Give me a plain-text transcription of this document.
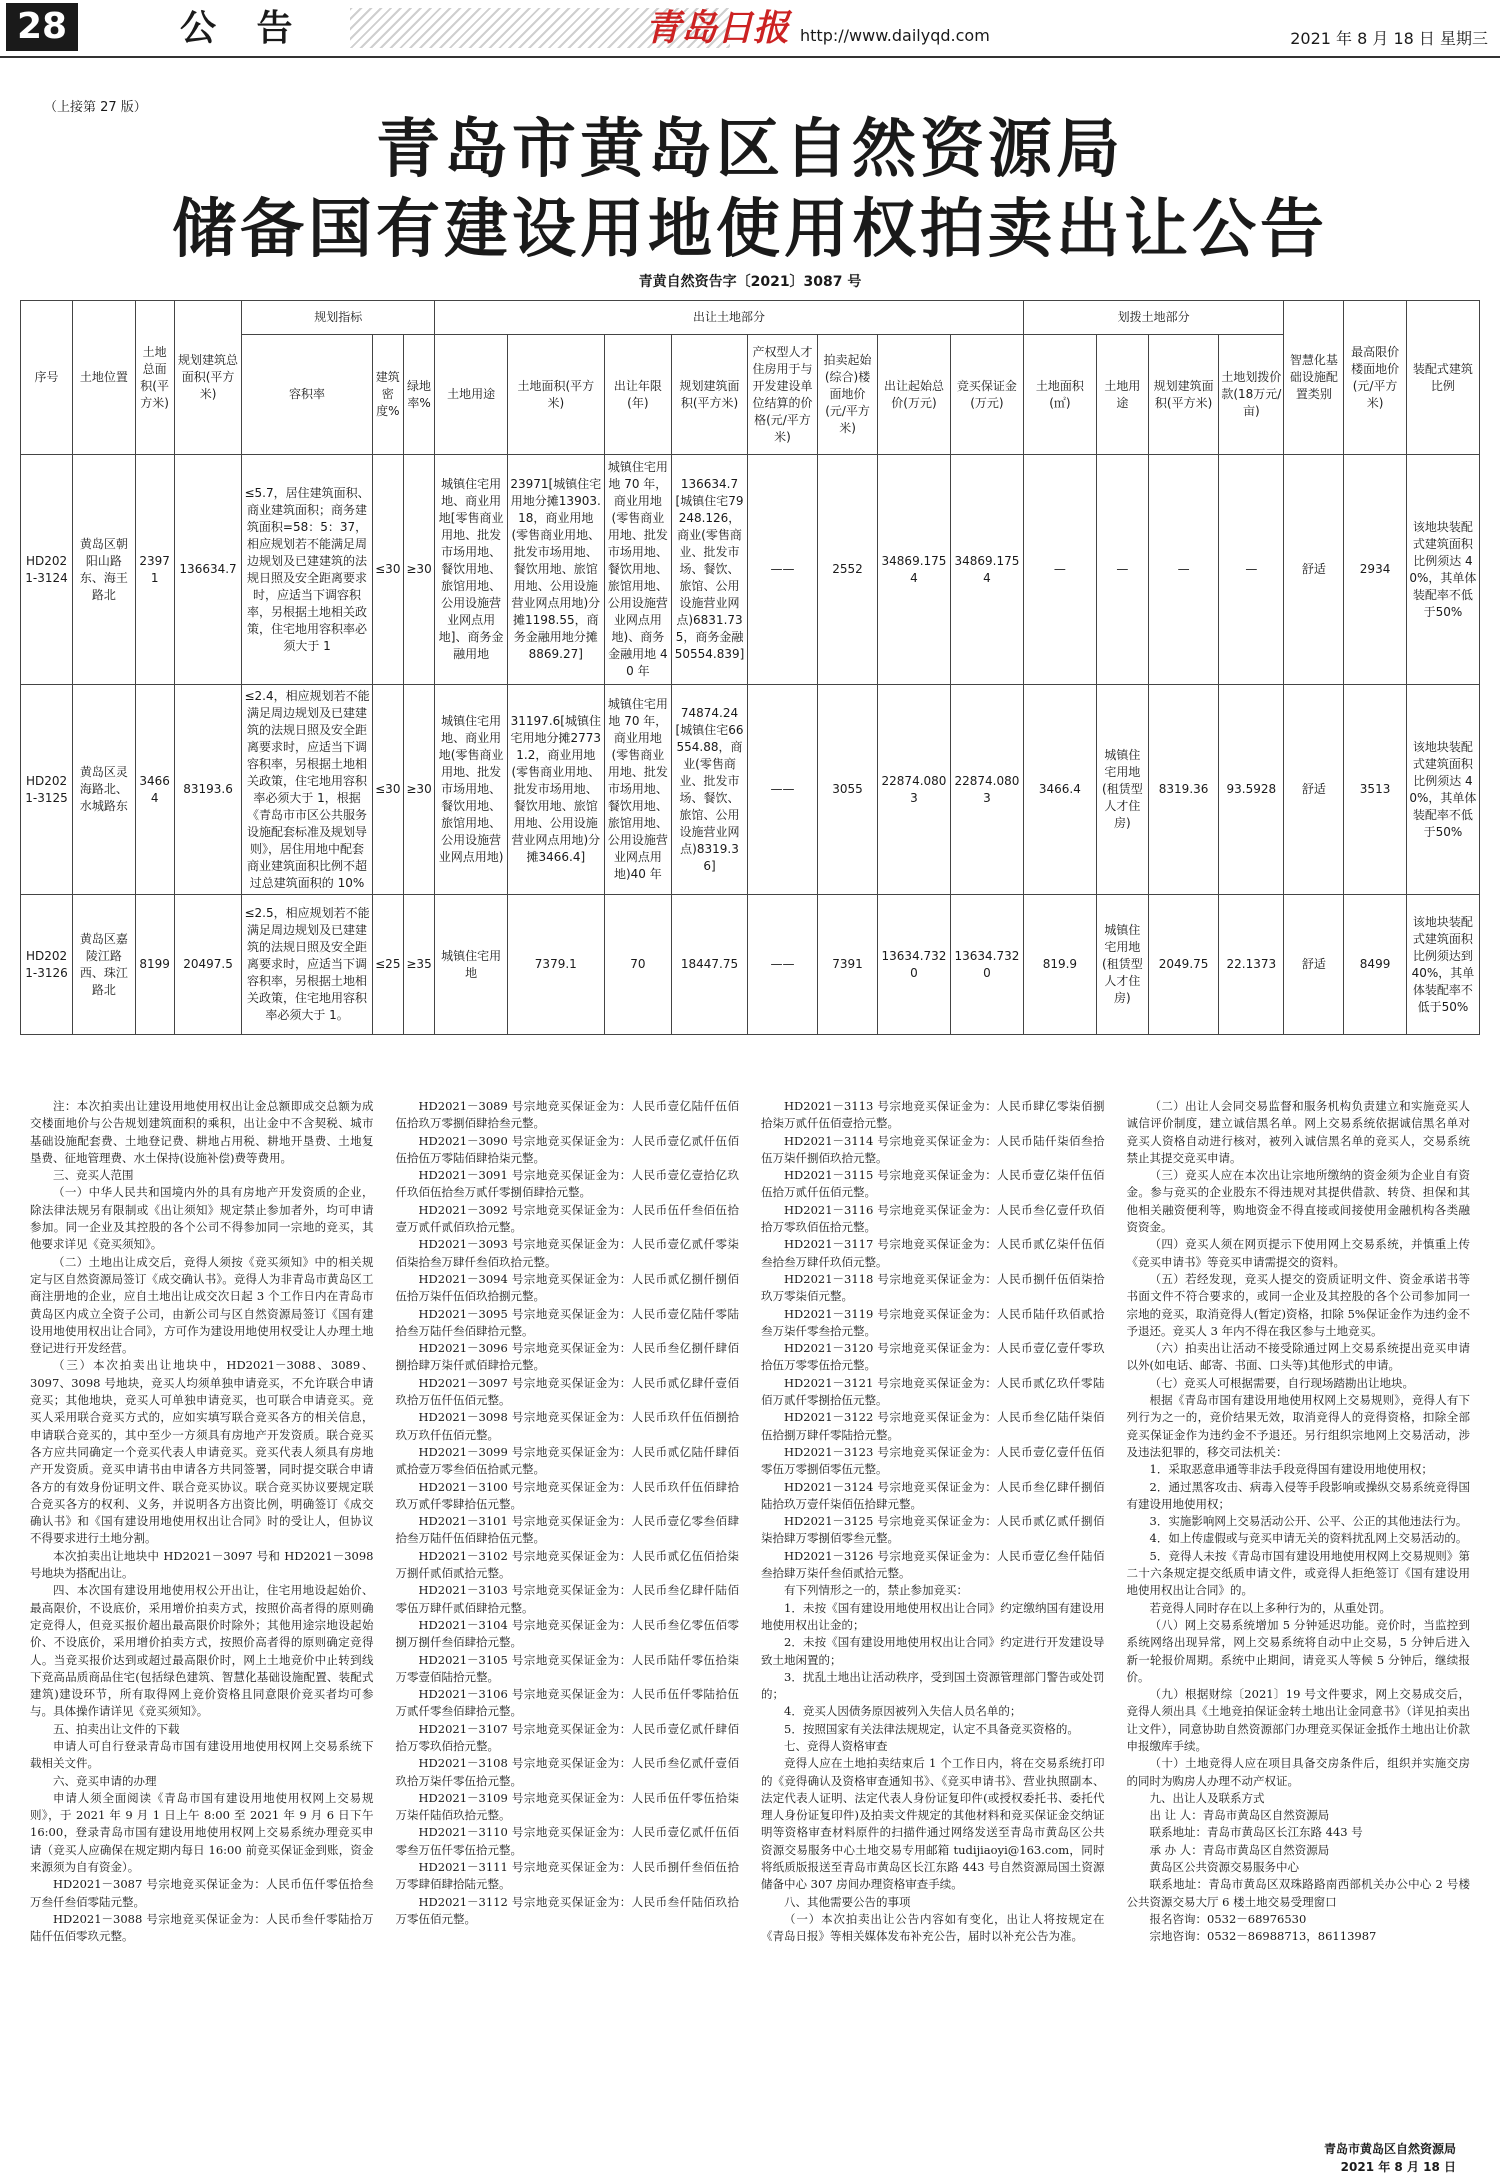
28	公 告	青岛日报 http://www.dailyqd.com	2021 年 8 月 18 日 星期三
（上接第 27 版）
青岛市黄岛区自然资源局
储备国有建设用地使用权拍卖出让公告
青黄自然资告字〔2021〕3087 号
序号	土地位置	土地总面积(平方米)	规划建筑总面积(平方米)	规划指标			出让土地部分								划拨土地部分				智慧化基础设施配置类别	最高限价楼面地价(元/平方米)	装配式建筑比例
				容积率	建筑密度%	绿地率%	土地用途	土地面积(平方米)	出让年限(年)	规划建筑面积(平方米)	产权型人才住房用于与开发建设单位结算的价格(元/平方米)	拍卖起始(综合)楼面地价(元/平方米)	出让起始总价(万元)	竞买保证金(万元)	土地面积(㎡)	土地用途	规划建筑面积(平方米)	土地划拨价款(18万元/亩)			
HD2021-3124	黄岛区朝阳山路东、海王路北	23971	136634.7	≤5.7，居住建筑面积、商业建筑面积；商务建筑面积=58：5：37，相应规划若不能满足周边规划及已建建筑的法规日照及安全距离要求时，应适当下调容积率，另根据土地相关政策，住宅地用容积率必须大于 1	≤30	≥30	城镇住宅用地、商业用地[零售商业用地、批发市场用地、餐饮用地、旅馆用地、公用设施营业网点用地]、商务金融用地	23971[城镇住宅用地分摊13903.18，商业用地(零售商业用地、批发市场用地、餐饮用地、旅馆用地、公用设施营业网点用地)分摊1198.55，商务金融用地分摊8869.27]	城镇住宅用地 70 年，商业用地(零售商业用地、批发市场用地、餐饮用地、旅馆用地、公用设施营业网点用地)、商务金融用地 40 年	136634.7[城镇住宅79248.126，商业(零售商业、批发市场、餐饮、旅馆、公用设施营业网点)6831.735，商务金融50554.839]	——	2552	34869.1754	34869.1754	—	—	—	—	舒适	2934	该地块装配式建筑面积比例须达 40%，其单体装配率不低于50%
HD2021-3125	黄岛区灵海路北、水城路东	34664	83193.6	≤2.4，相应规划若不能满足周边规划及已建建筑的法规日照及安全距离要求时，应适当下调容积率，另根据土地相关政策，住宅地用容积率必须大于 1，根据《青岛市市区公共服务设施配套标准及规划导则》，居住用地中配套商业建筑面积比例不超过总建筑面积的 10%	≤30	≥30	城镇住宅用地、商业用地(零售商业用地、批发市场用地、餐饮用地、旅馆用地、公用设施营业网点用地)	31197.6[城镇住宅用地分摊27731.2，商业用地(零售商业用地、批发市场用地、餐饮用地、旅馆用地、公用设施营业网点用地)分摊3466.4]	城镇住宅用地 70 年，商业用地(零售商业用地、批发市场用地、餐饮用地、旅馆用地、公用设施营业网点用地)40 年	74874.24[城镇住宅66554.88，商业(零售商业、批发市场、餐饮、旅馆、公用设施营业网点)8319.36]	——	3055	22874.0803	22874.0803	3466.4	城镇住宅用地(租赁型人才住房)	8319.36	93.5928	舒适	3513	该地块装配式建筑面积比例须达 40%，其单体装配率不低于50%
HD2021-3126	黄岛区嘉陵江路西、珠江路北	8199	20497.5	≤2.5，相应规划若不能满足周边规划及已建建筑的法规日照及安全距离要求时，应适当下调容积率，另根据土地相关政策，住宅地用容积率必须大于 1。	≤25	≥35	城镇住宅用地	7379.1	70	18447.75	——	7391	13634.7320	13634.7320	819.9	城镇住宅用地(租赁型人才住房)	2049.75	22.1373	舒适	8499	该地块装配式建筑面积比例须达到 40%，其单体装配率不低于50%

注：本次拍卖出让建设用地使用权出让金总额即成交总额为成交楼面地价与公告规划建筑面积的乘积，出让金中不含契税、城市基础设施配套费、土地登记费、耕地占用税、耕地开垦费、土地复垦费、征地管理费、水土保持(设施补偿)费等费用。

三、竞买人范围

（一）中华人民共和国境内外的具有房地产开发资质的企业，除法律法规另有限制或《出让须知》规定禁止参加者外，均可申请参加。同一企业及其控股的各个公司不得参加同一宗地的竞买，其他要求详见《竞买须知》。

（二）土地出让成交后，竞得人须按《竞买须知》中的相关规定与区自然资源局签订《成交确认书》。竞得人为非青岛市黄岛区工商注册地的企业，应自土地出让成交次日起 3 个工作日内在青岛市黄岛区内成立全资子公司，由新公司与区自然资源局签订《国有建设用地使用权出让合同》，方可作为建设用地使用权受让人办理土地登记进行开发经营。

（三）本次拍卖出让地块中，HD2021－3088、3089、3097、3098 号地块，竞买人均须单独申请竞买，不允许联合申请竞买；其他地块，竞买人可单独申请竞买，也可联合申请竞买。竞买人采用联合竞买方式的，应如实填写联合竞买各方的相关信息，申请联合竞买的，其中至少一方须具有房地产开发资质。联合竞买各方应共同确定一个竞买代表人申请竞买。竞买代表人须具有房地产开发资质。竞买申请书由申请各方共同签署，同时提交联合申请各方的有效身份证明文件、联合竞买协议。联合竞买协议要规定联合竞买各方的权利、义务，并说明各方出资比例，明确签订《成交确认书》和《国有建设用地使用权出让合同》时的受让人，但协议不得要求进行土地分割。

本次拍卖出让地块中 HD2021－3097 号和 HD2021－3098 号地块为搭配出让。

四、本次国有建设用地使用权公开出让，住宅用地设起始价、最高限价，不设底价，采用增价拍卖方式，按照价高者得的原则确定竞得人，但竞买报价超出最高限价时除外；其他用途宗地设起始价、不设底价，采用增价拍卖方式，按照价高者得的原则确定竞得人。当竞买报价达到或超过最高限价时，网上土地竞价中止转到线下竞高品质商品住宅(包括绿色建筑、智慧化基础设施配置、装配式建筑)建设环节，所有取得网上竞价资格且同意限价竞买者均可参与。具体操作请详见《竞买须知》。

五、拍卖出让文件的下载

申请人可自行登录青岛市国有建设用地使用权网上交易系统下载相关文件。

六、竞买申请的办理

申请人须全面阅读《青岛市国有建设用地使用权网上交易规则》，于 2021 年 9 月 1 日上午 8:00 至 2021 年 9 月 6 日下午 16:00，登录青岛市国有建设用地使用权网上交易系统办理竞买申请（竞买人应确保在规定期内每日 16:00 前竞买保证金到账，资金来源须为自有资金）。

HD2021－3087 号宗地竞买保证金为：人民币伍仟零伍拾叁万叁仟叁佰零陆元整。

HD2021－3088 号宗地竞买保证金为：人民币叁仟零陆拾万陆仟伍佰零玖元整。

HD2021－3089 号宗地竞买保证金为：人民币壹亿陆仟伍佰伍拾玖万零捌佰肆拾叁元整。

HD2021－3090 号宗地竞买保证金为：人民币壹亿贰仟伍佰伍拾伍万零陆佰肆拾柒元整。

HD2021－3091 号宗地竞买保证金为：人民币壹亿壹拾亿玖仟玖佰伍拾叁万贰仟零捌佰肆拾元整。

HD2021－3092 号宗地竞买保证金为：人民币伍仟叁佰伍拾壹万贰仟贰佰玖拾元整。

HD2021－3093 号宗地竞买保证金为：人民币壹亿贰仟零柒佰柒拾叁万肆仟叁佰玖拾元整。

HD2021－3094 号宗地竞买保证金为：人民币贰亿捌仟捌佰伍拾万柒仟伍佰玖拾捌元整。

HD2021－3095 号宗地竞买保证金为：人民币壹亿陆仟零陆拾叁万陆仟叁佰肆拾元整。

HD2021－3096 号宗地竞买保证金为：人民币叁亿捌仟肆佰捌拾肆万柒仟贰佰肆拾元整。

HD2021－3097 号宗地竞买保证金为：人民币贰亿肆仟壹佰玖拾万伍仟伍佰元整。

HD2021－3098 号宗地竞买保证金为：人民币玖仟伍佰捌拾玖万玖仟伍佰元整。

HD2021－3099 号宗地竞买保证金为：人民币贰亿陆仟肆佰贰拾壹万零叁佰伍拾贰元整。

HD2021－3100 号宗地竞买保证金为：人民币玖仟伍佰肆拾玖万贰仟零肆拾伍元整。

HD2021－3101 号宗地竞买保证金为：人民币壹亿零叁佰肆拾叁万陆仟伍佰肆拾伍元整。

HD2021－3102 号宗地竞买保证金为：人民币贰亿伍佰拾柒万捌仟贰佰贰拾元整。

HD2021－3103 号宗地竞买保证金为：人民币叁亿肆仟陆佰零伍万肆仟贰佰肆拾元整。

HD2021－3104 号宗地竞买保证金为：人民币叁亿零伍佰零捌万捌仟叁佰肆拾元整。

HD2021－3105 号宗地竞买保证金为：人民币陆仟零伍拾柒万零壹佰陆拾元整。

HD2021－3106 号宗地竞买保证金为：人民币伍仟零陆拾伍万贰仟零叁佰肆拾元整。

HD2021－3107 号宗地竞买保证金为：人民币壹亿贰仟肆佰拾万零玖佰拾元整。

HD2021－3108 号宗地竞买保证金为：人民币叁亿贰仟壹佰玖拾万柒仟零伍拾元整。

HD2021－3109 号宗地竞买保证金为：人民币伍仟零伍拾柒万柒仟陆佰玖拾元整。

HD2021－3110 号宗地竞买保证金为：人民币壹亿贰仟伍佰零叁万伍仟零伍拾元整。

HD2021－3111 号宗地竞买保证金为：人民币捌仟叁佰伍拾万零肆佰肆拾陆元整。

HD2021－3112 号宗地竞买保证金为：人民币叁仟陆佰玖拾万零伍佰元整。

HD2021－3113 号宗地竞买保证金为：人民币肆亿零柒佰捌拾柒万贰仟伍佰壹拾元整。

HD2021－3114 号宗地竞买保证金为：人民币陆仟柒佰叁拾伍万柒仟捌佰玖拾元整。

HD2021－3115 号宗地竞买保证金为：人民币壹亿柒仟伍佰伍拾万贰仟伍佰元整。

HD2021－3116 号宗地竞买保证金为：人民币叁亿壹仟玖佰拾万零玖佰伍拾元整。

HD2021－3117 号宗地竞买保证金为：人民币贰亿柒仟伍佰叁拾叁万肆仟玖佰元整。

HD2021－3118 号宗地竞买保证金为：人民币捌仟伍佰柒拾玖万零柒佰元整。

HD2021－3119 号宗地竞买保证金为：人民币陆仟玖佰贰拾叁万柒仟零叁拾元整。

HD2021－3120 号宗地竞买保证金为：人民币壹亿壹仟零玖拾伍万零零伍拾元整。

HD2021－3121 号宗地竞买保证金为：人民币贰亿玖仟零陆佰万贰仟零捌拾伍元整。

HD2021－3122 号宗地竞买保证金为：人民币叁亿陆仟柒佰伍拾捌万肆仟零陆拾元整。

HD2021－3123 号宗地竞买保证金为：人民币壹亿壹仟伍佰零伍万零捌佰零伍元整。

HD2021－3124 号宗地竞买保证金为：人民币叁亿肆仟捌佰陆拾玖万壹仟柒佰伍拾肆元整。

HD2021－3125 号宗地竞买保证金为：人民币贰亿贰仟捌佰柒拾肆万零捌佰零叁元整。

HD2021－3126 号宗地竞买保证金为：人民币壹亿叁仟陆佰叁拾肆万柒仟叁佰贰拾元整。

有下列情形之一的，禁止参加竞买：

1．未按《国有建设用地使用权出让合同》约定缴纳国有建设用地使用权出让金的；

2．未按《国有建设用地使用权出让合同》约定进行开发建设导致土地闲置的；

3．扰乱土地出让活动秩序，受到国土资源管理部门警告或处罚的；

4．竞买人因债务原因被列入失信人员名单的；

5．按照国家有关法律法规规定，认定不具备竞买资格的。

七、竞得人资格审查

竞得人应在土地拍卖结束后 1 个工作日内，将在交易系统打印的《竞得确认及资格审查通知书》、《竞买申请书》、营业执照副本、法定代表人证明、法定代表人身份证复印件(或授权委托书、委托代理人身份证复印件)及拍卖文件规定的其他材料和竞买保证金交纳证明等资格审查材料原件的扫描件通过网络发送至青岛市黄岛区公共资源交易服务中心土地交易专用邮箱 tudijiaoyi@163.com，同时将纸质版报送至青岛市黄岛区长江东路 443 号自然资源局国土资源储备中心 307 房间办理资格审查手续。

八、其他需要公告的事项

（一）本次拍卖出让公告内容如有变化，出让人将按规定在《青岛日报》等相关媒体发布补充公告，届时以补充公告为准。

（二）出让人会同交易监督和服务机构负责建立和实施竞买人诚信评价制度，建立诚信黑名单。网上交易系统依据诚信黑名单对竞买人资格自动进行核对，被列入诚信黑名单的竞买人，交易系统禁止其提交竞买申请。

（三）竞买人应在本次出让宗地所缴纳的资金须为企业自有资金。参与竞买的企业股东不得违规对其提供借款、转贷、担保和其他相关融资便利等，购地资金不得直接或间接使用金融机构各类融资资金。

（四）竞买人须在网页提示下使用网上交易系统，并慎重上传《竞买申请书》等竞买申请需提交的资料。

（五）若经发现，竞买人提交的资质证明文件、资金承诺书等书面文件不符合要求的，或同一企业及其控股的各个公司参加同一宗地的竞买，取消竞得人(暂定)资格，扣除 5%保证金作为违约金不予退还。竞买人 3 年内不得在我区参与土地竞买。

（六）拍卖出让活动不接受除通过网上交易系统提出竞买申请以外(如电话、邮寄、书面、口头等)其他形式的申请。

（七）竞买人可根据需要，自行现场踏勘出让地块。

根据《青岛市国有建设用地使用权网上交易规则》，竞得人有下列行为之一的，竞价结果无效，取消竞得人的竞得资格，扣除全部竞买保证金作为违约金不予退还。另行组织宗地网上交易活动，涉及违法犯罪的，移交司法机关：

1．采取恶意串通等非法手段竞得国有建设用地使用权；

2．通过黑客攻击、病毒入侵等手段影响或操纵交易系统竞得国有建设用地使用权；

3．实施影响网上交易活动公开、公平、公正的其他违法行为。

4．如上传虚假或与竞买申请无关的资料扰乱网上交易活动的。

5．竞得人未按《青岛市国有建设用地使用权网上交易规则》第二十六条规定提交纸质申请文件，或竞得人拒绝签订《国有建设用地使用权出让合同》的。

若竞得人同时存在以上多种行为的，从重处罚。

（八）网上交易系统增加 5 分钟延迟功能。竞价时，当监控到系统网络出现异常，网上交易系统将自动中止交易，5 分钟后进入新一轮报价周期。系统中止期间，请竞买人等候 5 分钟后，继续报价。

（九）根据财综〔2021〕19 号文件要求，网上交易成交后，竞得人须出具《土地竞拍保证金转土地出让金同意书》（详见拍卖出让文件），同意协助自然资源部门办理竞买保证金抵作土地出让价款申报缴库手续。

（十）土地竞得人应在项目具备交房条件后，组织并实施交房的同时为购房人办理不动产权证。

九、出让人及联系方式

出 让 人：青岛市黄岛区自然资源局

联系地址：青岛市黄岛区长江东路 443 号

承 办 人：青岛市黄岛区自然资源局

黄岛区公共资源交易服务中心

联系地址：青岛市黄岛区双珠路路南西部机关办公中心 2 号楼公共资源交易大厅 6 楼土地交易受理窗口

报名咨询：0532－68976530

宗地咨询：0532－86988713，86113987

青岛市黄岛区自然资源局
2021 年 8 月 18 日
